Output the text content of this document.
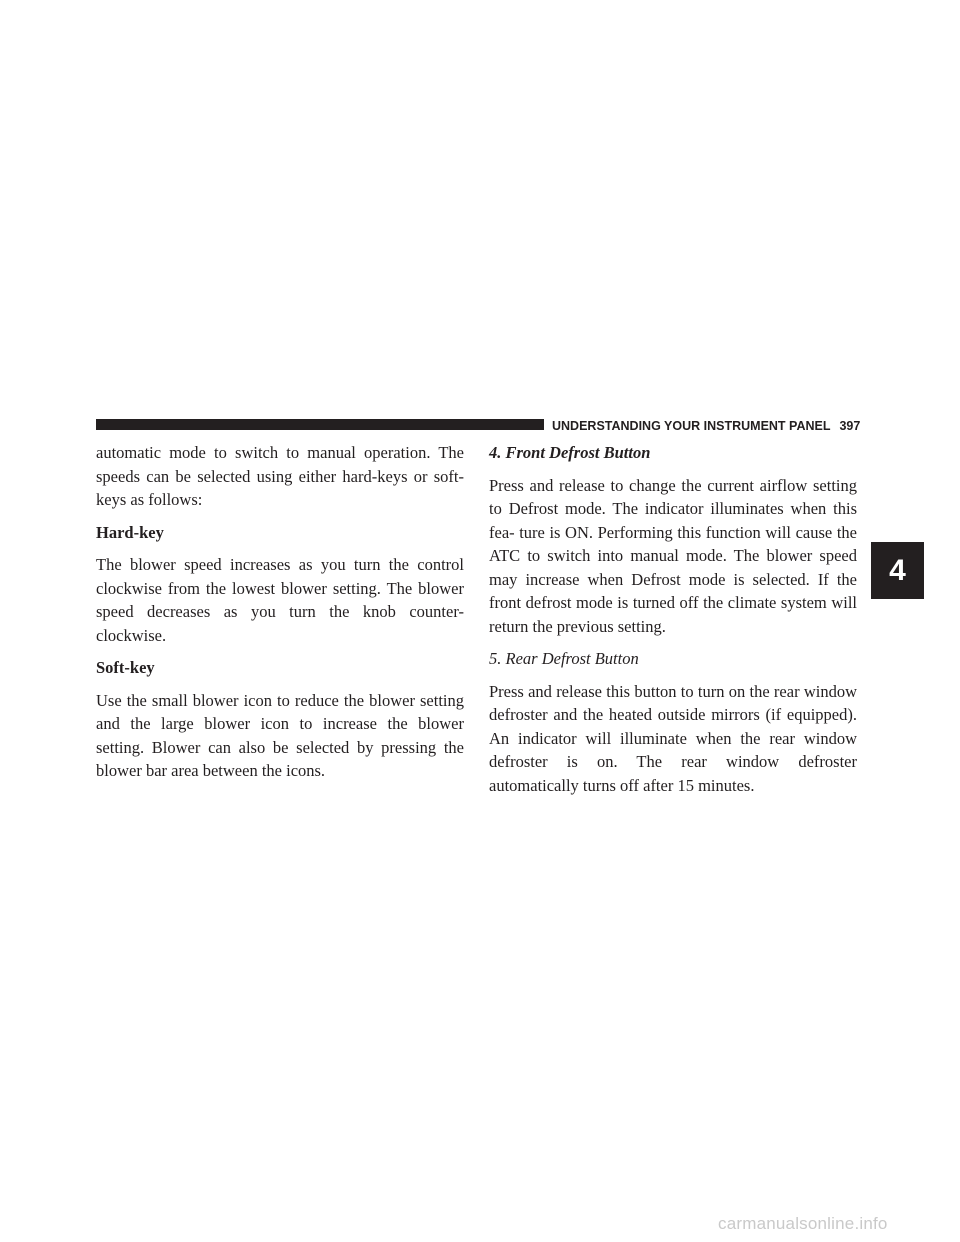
UNDERSTANDING YOUR INSTRUMENT PANEL 397
4

automatic mode to switch to manual operation. The speeds can be selected using either hard-keys or soft-keys as follows:

Hard-key

The blower speed increases as you turn the control clockwise from the lowest blower setting. The blower speed decreases as you turn the knob counter-clockwise.

Soft-key

Use the small blower icon to reduce the blower setting and the large blower icon to increase the blower setting. Blower can also be selected by pressing the blower bar area between the icons.

4. Front Defrost Button

Press and release to change the current airflow setting to Defrost mode. The indicator illuminates when this fea- ture is ON. Performing this function will cause the ATC to switch into manual mode. The blower speed may increase when Defrost mode is selected. If the front defrost mode is turned off the climate system will return the previous setting.

5. Rear Defrost Button

Press and release this button to turn on the rear window defroster and the heated outside mirrors (if equipped). An indicator will illuminate when the rear window defroster is on. The rear window defroster automatically turns off after 15 minutes.

carmanualsonline.info
